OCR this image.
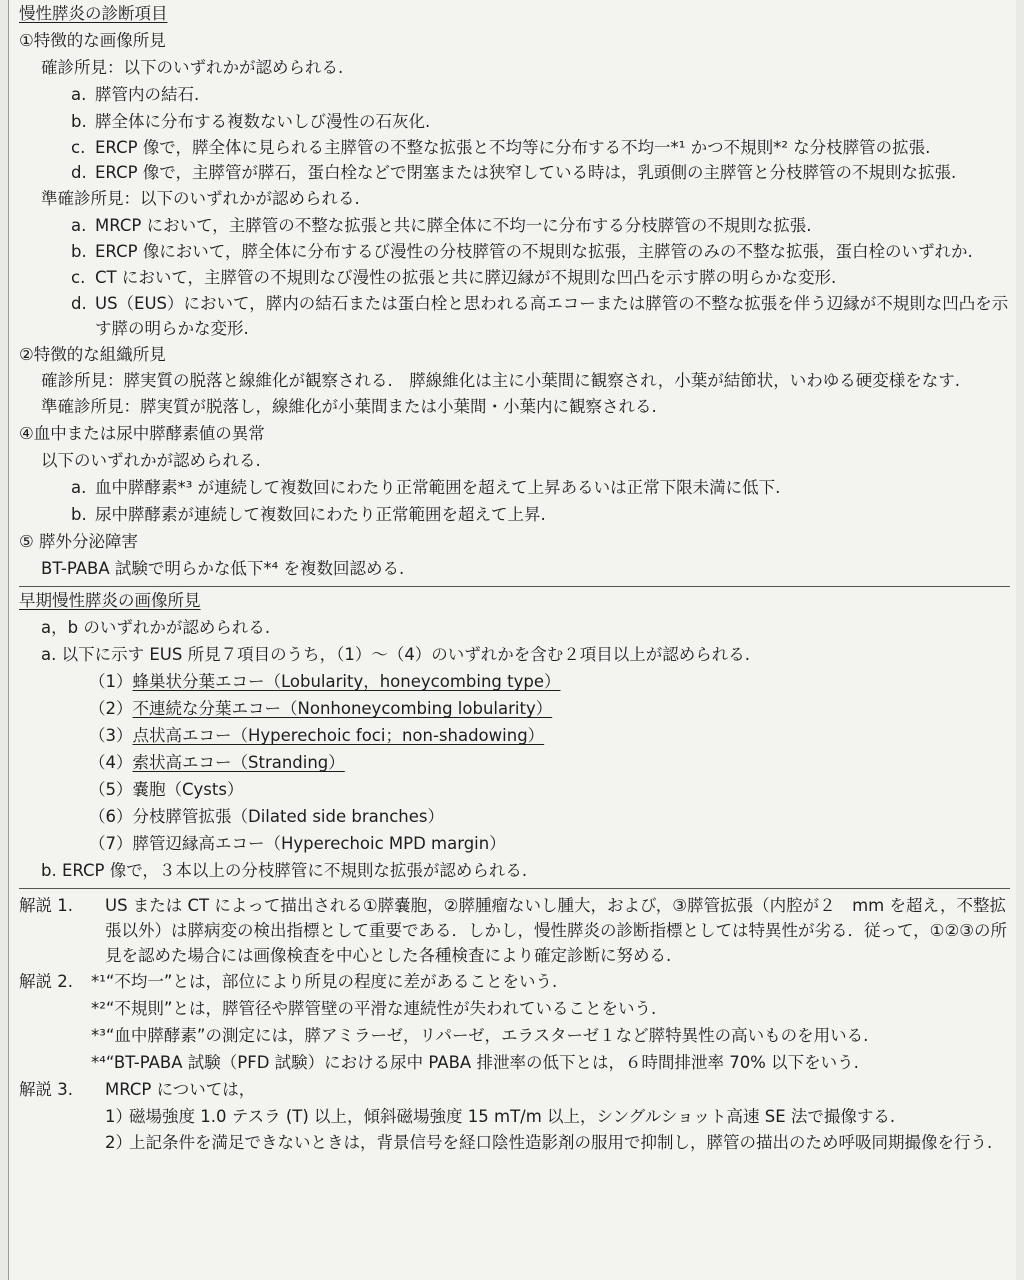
慢性膵炎の診断項目
①特徴的な画像所見
確診所見：以下のいずれかが認められる.
a. 膵管内の結石.
b. 膵全体に分布する複数ないしび漫性の石灰化.
c. ERCP 像で，膵全体に見られる主膵管の不整な拡張と不均等に分布する不均一*¹ かつ不規則*² な分枝膵管の拡張.
d. ERCP 像で，主膵管が膵石，蛋白栓などで閉塞または狭窄している時は，乳頭側の主膵管と分枝膵管の不規則な拡張.
準確診所見：以下のいずれかが認められる.
a. MRCP において，主膵管の不整な拡張と共に膵全体に不均一に分布する分枝膵管の不規則な拡張.
b. ERCP 像において，膵全体に分布するび漫性の分枝膵管の不規則な拡張，主膵管のみの不整な拡張，蛋白栓のいずれか.
c. CT において，主膵管の不規則なび漫性の拡張と共に膵辺縁が不規則な凹凸を示す膵の明らかな変形.
d. US（EUS）において，膵内の結石または蛋白栓と思われる高エコーまたは膵管の不整な拡張を伴う辺縁が不規則な凹凸を示す膵の明らかな変形.
②特徴的な組織所見
確診所見：膵実質の脱落と線維化が観察される.　膵線維化は主に小葉間に観察され，小葉が結節状，いわゆる硬変様をなす.
準確診所見：膵実質が脱落し，線維化が小葉間または小葉間・小葉内に観察される.
④血中または尿中膵酵素値の異常
以下のいずれかが認められる.
a. 血中膵酵素*³ が連続して複数回にわたり正常範囲を超えて上昇あるいは正常下限未満に低下.
b. 尿中膵酵素が連続して複数回にわたり正常範囲を超えて上昇.
⑤ 膵外分泌障害
BT-PABA 試験で明らかな低下*⁴ を複数回認める.
早期慢性膵炎の画像所見
a，b のいずれかが認められる.
a. 以下に示す EUS 所見７項目のうち，（1）～（4）のいずれかを含む２項目以上が認められる.
（1）蜂巣状分葉エコー（Lobularity，honeycombing type）
（2）不連続な分葉エコー（Nonhoneycombing lobularity）
（3）点状高エコー（Hyperechoic foci；non-shadowing）
（4）索状高エコー（Stranding）
（5）嚢胞（Cysts）
（6）分枝膵管拡張（Dilated side branches）
（7）膵管辺縁高エコー（Hyperechoic MPD margin）
b. ERCP 像で，３本以上の分枝膵管に不規則な拡張が認められる.
解説 1. US または CT によって描出される①膵嚢胞，②膵腫瘤ないし腫大，および，③膵管拡張（内腔が２　mm を超え，不整拡張以外）は膵病変の検出指標として重要である．しかし，慢性膵炎の診断指標としては特異性が劣る．従って，①②③の所見を認めた場合には画像検査を中心とした各種検査により確定診断に努める.
解説 2. *¹“不均一”とは，部位により所見の程度に差があることをいう.
*²“不規則”とは，膵管径や膵管壁の平滑な連続性が失われていることをいう.
*³“血中膵酵素”の測定には，膵アミラーゼ，リパーゼ，エラスターゼ１など膵特異性の高いものを用いる.
*⁴“BT-PABA 試験（PFD 試験）における尿中 PABA 排泄率の低下とは，６時間排泄率 70% 以下をいう.
解説 3. MRCP については，
1）磁場強度 1.0 テスラ (T) 以上，傾斜磁場強度 15 mT/m 以上，シングルショット高速 SE 法で撮像する.
2）上記条件を満足できないときは，背景信号を経口陰性造影剤の服用で抑制し，膵管の描出のため呼吸同期撮像を行う.
